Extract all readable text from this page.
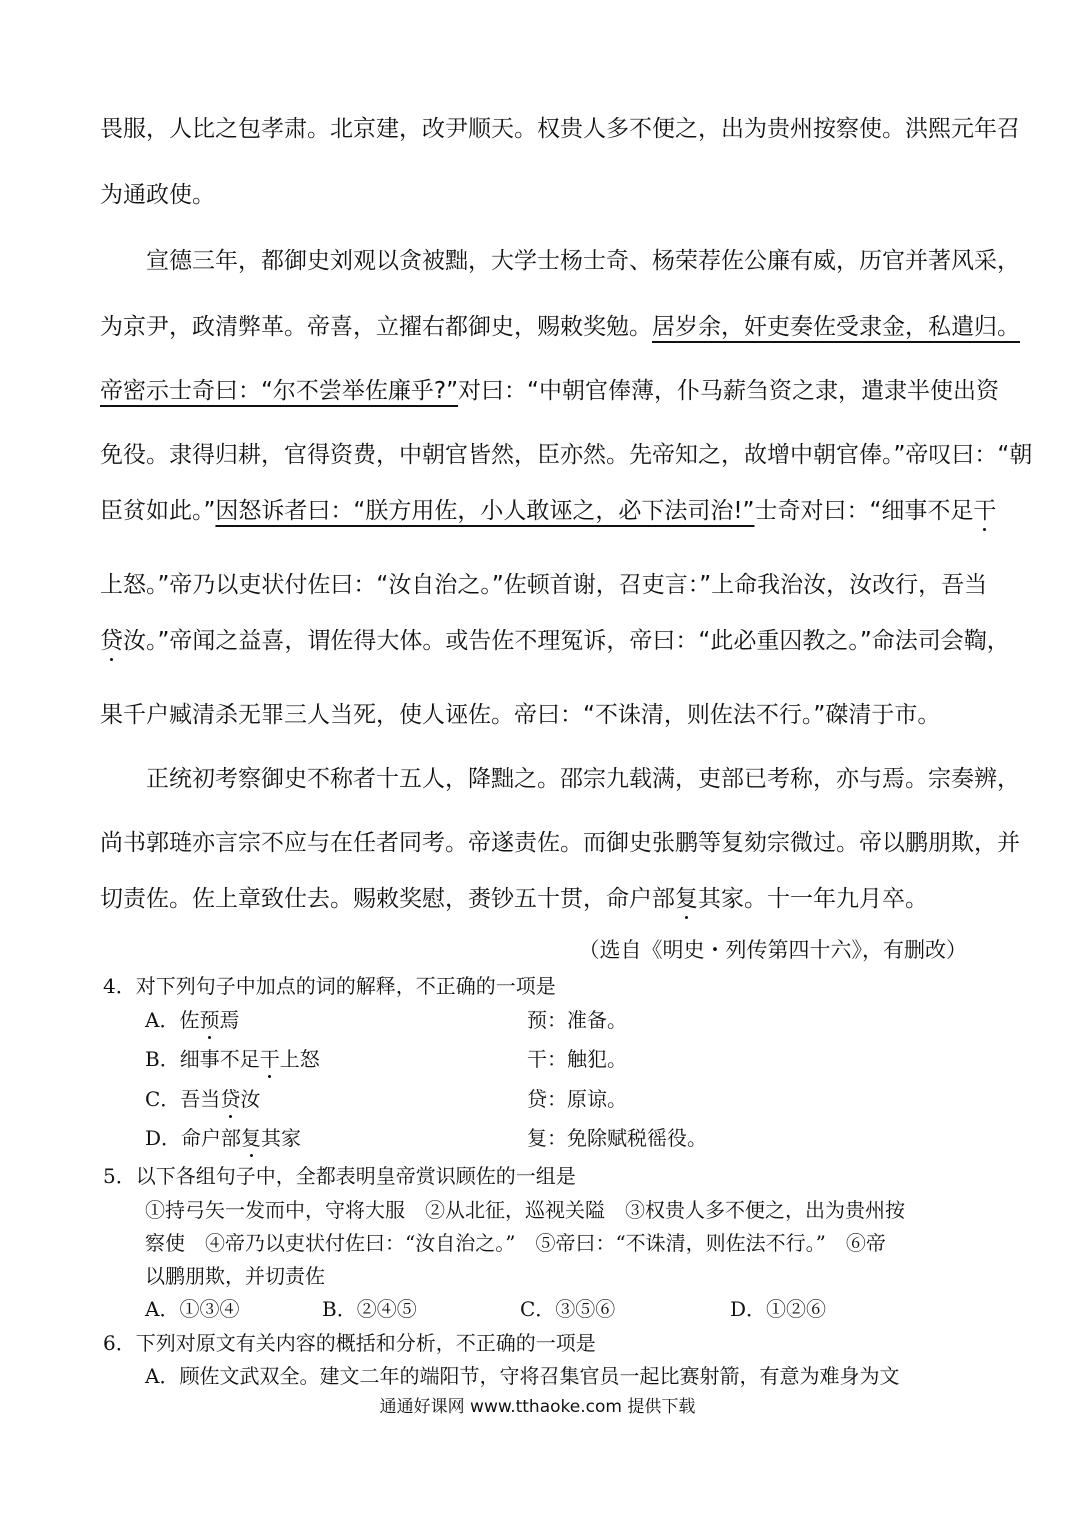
畏服，人比之包孝肃。北京建，改尹顺天。权贵人多不便之，出为贵州按察使。洪熙元年召
为通政使。
宣德三年，都御史刘观以贪被黜，大学士杨士奇、杨荣荐佐公廉有威，历官并著风采，
为京尹，政清弊革。帝喜，立擢右都御史，赐敕奖勉。居岁余，奸吏奏佐受隶金，私遣归。
帝密示士奇曰：“尔不尝举佐廉乎?”对曰：“中朝官俸薄，仆马薪刍资之隶，遣隶半使出资
免役。隶得归耕，官得资费，中朝官皆然，臣亦然。先帝知之，故增中朝官俸。”帝叹曰：“朝
臣贫如此。”因怒诉者曰：“朕方用佐，小人敢诬之，必下法司治!”士奇对曰：“细事不足干
上怒。”帝乃以吏状付佐曰：“汝自治之。”佐顿首谢，召吏言：”上命我治汝，汝改行，吾当
贷汝。”帝闻之益喜，谓佐得大体。或告佐不理冤诉，帝曰：“此必重囚教之。”命法司会鞫，
果千户臧清杀无罪三人当死，使人诬佐。帝曰：“不诛清，则佐法不行。”磔清于市。
正统初考察御史不称者十五人，降黜之。邵宗九载满，吏部已考称，亦与焉。宗奏辨，
尚书郭琏亦言宗不应与在任者同考。帝遂责佐。而御史张鹏等复劾宗微过。帝以鹏朋欺，并
切责佐。佐上章致仕去。赐敕奖慰，赉钞五十贯，命户部复其家。十一年九月卒。
（选自《明史・列传第四十六》，有删改）
4．对下列句子中加点的词的解释，不正确的一项是
A．佐预焉	预：准备。
B．细事不足干上怒	干：触犯。
C．吾当贷汝	贷：原谅。
D．命户部复其家	复：免除赋税徭役。
5．以下各组句子中，全都表明皇帝赏识顾佐的一组是
①持弓矢一发而中，守将大服　②从北征，巡视关隘　③权贵人多不便之，出为贵州按
察使　④帝乃以吏状付佐曰：“汝自治之。”　⑤帝曰：“不诛清，则佐法不行。”　⑥帝
以鹏朋欺，并切责佐
A．①③④	B．②④⑤	C．③⑤⑥	D．①②⑥
6．下列对原文有关内容的概括和分析，不正确的一项是
A．顾佐文武双全。建文二年的端阳节，守将召集官员一起比赛射箭，有意为难身为文
通通好课网 www.tthaoke.com 提供下载
